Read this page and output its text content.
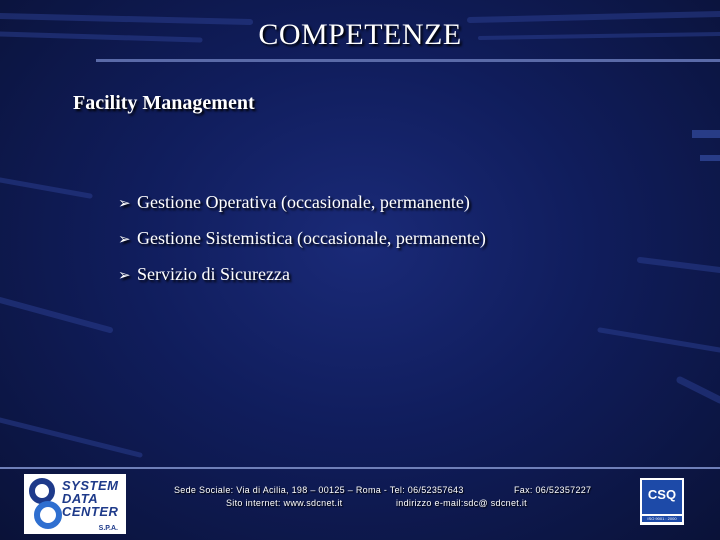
COMPETENZE
Facility Management
➢ Gestione Operativa (occasionale, permanente)
➢ Gestione Sistemistica (occasionale, permanente)
➢ Servizio di Sicurezza
SYSTEM
DATA
CENTER
S.P.A.
Sede Sociale: Via di Acilia, 198 – 00125 – Roma - Tel: 06/52357643	Fax: 06/52357227
Sito internet: www.sdcnet.it	indirizzo e-mail:sdc@ sdcnet.it
CSQ
ISO 9001 : 2000
